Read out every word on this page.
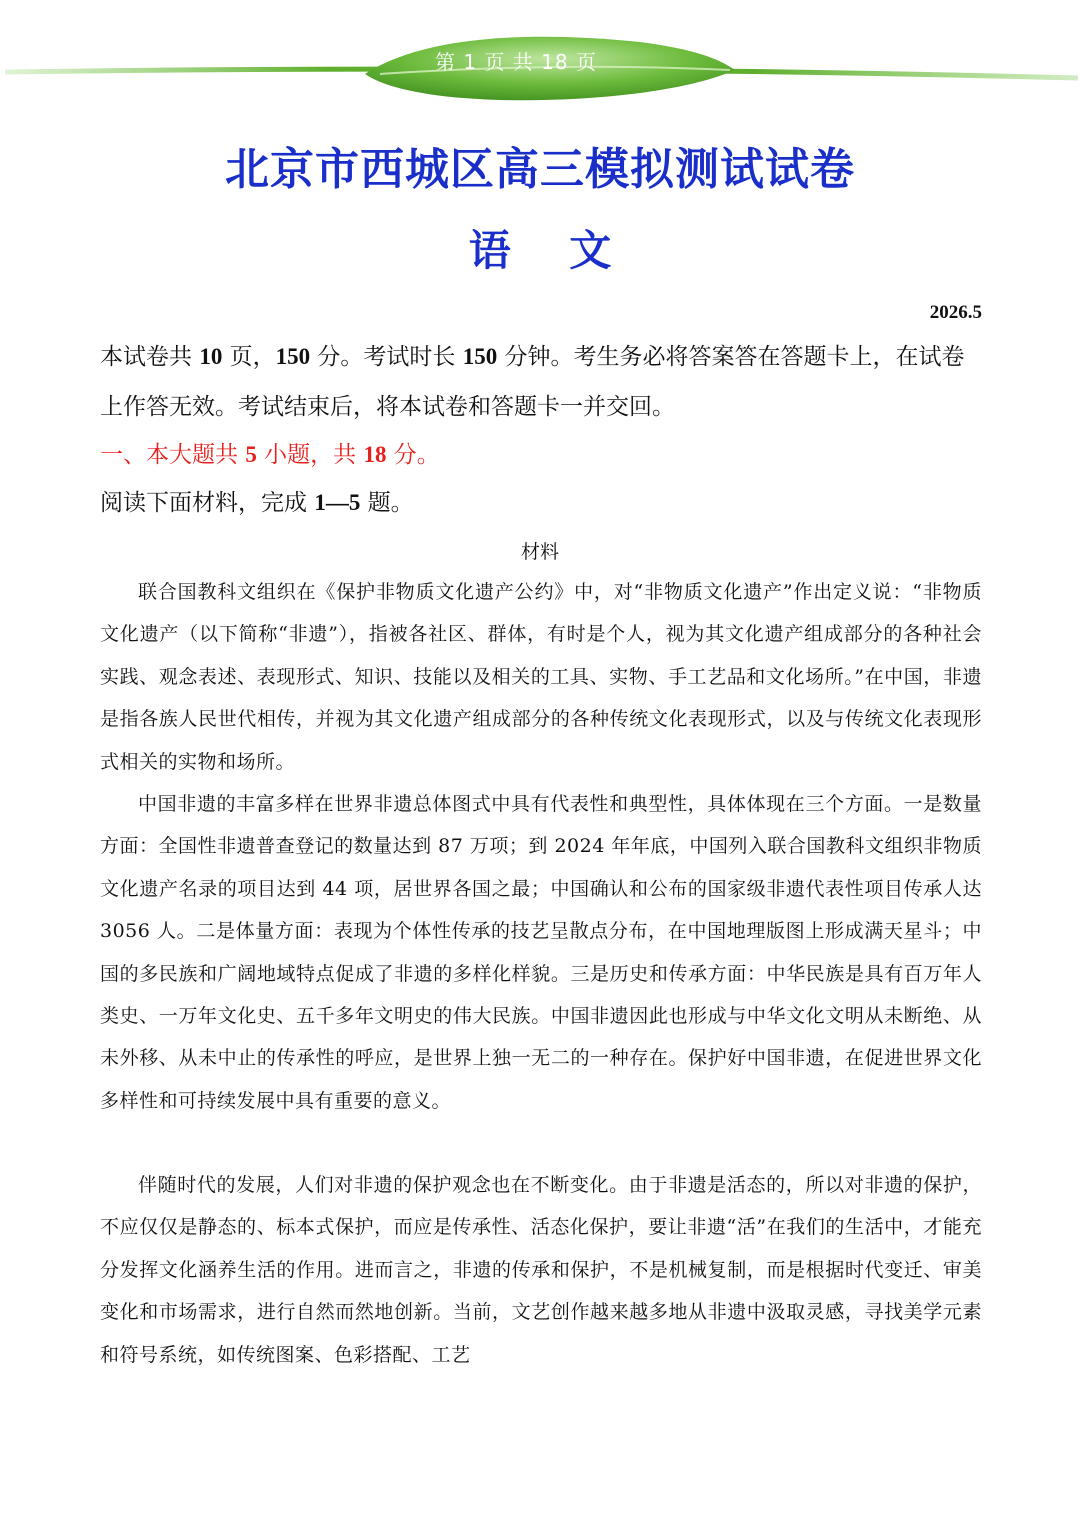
第 1 页 共 18 页
北京市西城区高三模拟测试试卷
语 文
2026.5
本试卷共 10 页，150 分。考试时长 150 分钟。考生务必将答案答在答题卡上，在试卷上作答无效。考试结束后，将本试卷和答题卡一并交回。
一、本大题共 5 小题，共 18 分。
阅读下面材料，完成 1—5 题。
材料

联合国教科文组织在《保护非物质文化遗产公约》中，对“非物质文化遗产”作出定义说：“非物质文化遗产（以下简称“非遗”），指被各社区、群体，有时是个人，视为其文化遗产组成部分的各种社会实践、观念表述、表现形式、知识、技能以及相关的工具、实物、手工艺品和文化场所。”在中国，非遗是指各族人民世代相传，并视为其文化遗产组成部分的各种传统文化表现形式，以及与传统文化表现形式相关的实物和场所。

中国非遗的丰富多样在世界非遗总体图式中具有代表性和典型性，具体体现在三个方面。一是数量方面：全国性非遗普查登记的数量达到 87 万项；到 2024 年年底，中国列入联合国教科文组织非物质文化遗产名录的项目达到 44 项，居世界各国之最；中国确认和公布的国家级非遗代表性项目传承人达 3056 人。二是体量方面：表现为个体性传承的技艺呈散点分布，在中国地理版图上形成满天星斗；中国的多民族和广阔地域特点促成了非遗的多样化样貌。三是历史和传承方面：中华民族是具有百万年人类史、一万年文化史、五千多年文明史的伟大民族。中国非遗因此也形成与中华文化文明从未断绝、从未外移、从未中止的传承性的呼应，是世界上独一无二的一种存在。保护好中国非遗，在促进世界文化多样性和可持续发展中具有重要的意义。

伴随时代的发展，人们对非遗的保护观念也在不断变化。由于非遗是活态的，所以对非遗的保护，不应仅仅是静态的、标本式保护，而应是传承性、活态化保护，要让非遗“活”在我们的生活中，才能充分发挥文化涵养生活的作用。进而言之，非遗的传承和保护，不是机械复制，而是根据时代变迁、审美变化和市场需求，进行自然而然地创新。当前，文艺创作越来越多地从非遗中汲取灵感，寻找美学元素和符号系统，如传统图案、色彩搭配、工艺
